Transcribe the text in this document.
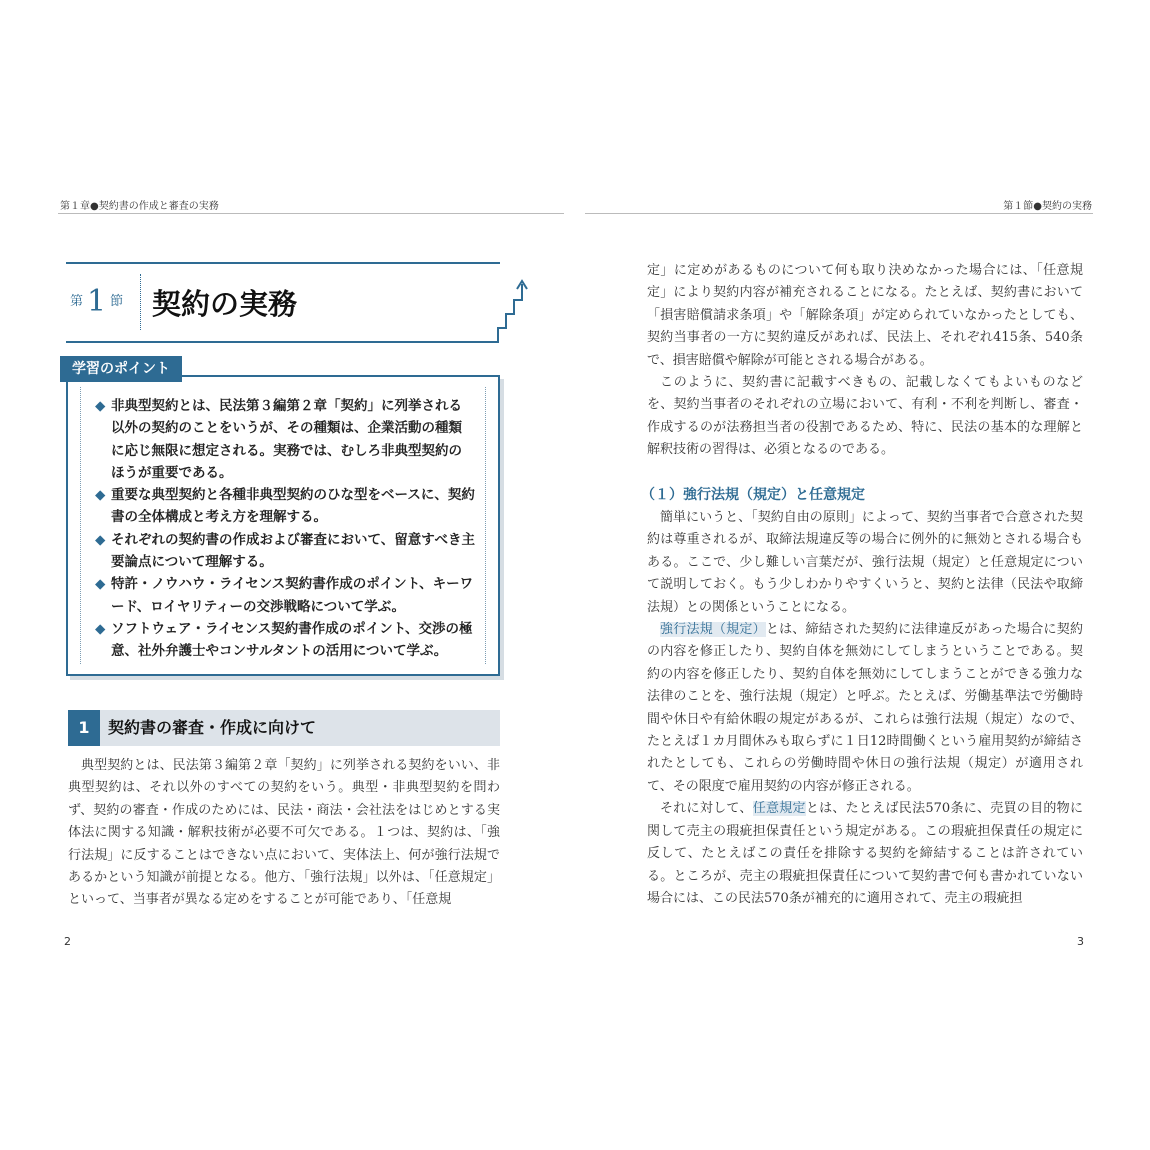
第１章●契約書の作成と審査の実務
$^第$ 1 $^節$ 契約の実務
学習のポイント
◆ 非典型契約とは、民法第３編第２章「契約」に列挙される以外の契約のことをいうが、その種類は、企業活動の種類に応じ無限に想定される。実務では、むしろ非典型契約のほうが重要である。
◆ 重要な典型契約と各種非典型契約のひな型をベースに、契約書の全体構成と考え方を理解する。
◆ それぞれの契約書の作成および審査において、留意すべき主要論点について理解する。
◆ 特許・ノウハウ・ライセンス契約書作成のポイント、キーワード、ロイヤリティーの交渉戦略について学ぶ。
◆ ソフトウェア・ライセンス契約書作成のポイント、交渉の極意、社外弁護士やコンサルタントの活用について学ぶ。
1	契約書の審査・作成に向けて

典型契約とは、民法第３編第２章「契約」に列挙される契約をいい、非典型契約は、それ以外のすべての契約をいう。典型・非典型契約を問わず、契約の審査・作成のためには、民法・商法・会社法をはじめとする実体法に関する知識・解釈技術が必要不可欠である。１つは、契約は、「強行法規」に反することはできない点において、実体法上、何が強行法規であるかという知識が前提となる。他方、「強行法規」以外は、「任意規定」といって、当事者が異なる定めをすることが可能であり、「任意規

2
第１節●契約の実務

定」に定めがあるものについて何も取り決めなかった場合には、「任意規定」により契約内容が補充されることになる。たとえば、契約書において「損害賠償請求条項」や「解除条項」が定められていなかったとしても、契約当事者の一方に契約違反があれば、民法上、それぞれ415条、540条で、損害賠償や解除が可能とされる場合がある。

このように、契約書に記載すべきもの、記載しなくてもよいものなどを、契約当事者のそれぞれの立場において、有利・不利を判断し、審査・作成するのが法務担当者の役割であるため、特に、民法の基本的な理解と解釈技術の習得は、必須となるのである。

（１）強行法規（規定）と任意規定

簡単にいうと、「契約自由の原則」によって、契約当事者で合意された契約は尊重されるが、取締法規違反等の場合に例外的に無効とされる場合もある。ここで、少し難しい言葉だが、強行法規（規定）と任意規定について説明しておく。もう少しわかりやすくいうと、契約と法律（民法や取締法規）との関係ということになる。

強行法規（規定）とは、締結された契約に法律違反があった場合に契約の内容を修正したり、契約自体を無効にしてしまうということである。契約の内容を修正したり、契約自体を無効にしてしまうことができる強力な法律のことを、強行法規（規定）と呼ぶ。たとえば、労働基準法で労働時間や休日や有給休暇の規定があるが、これらは強行法規（規定）なので、たとえば１カ月間休みも取らずに１日12時間働くという雇用契約が締結されたとしても、これらの労働時間や休日の強行法規（規定）が適用されて、その限度で雇用契約の内容が修正される。

それに対して、任意規定とは、たとえば民法570条に、売買の目的物に関して売主の瑕疵担保責任という規定がある。この瑕疵担保責任の規定に反して、たとえばこの責任を排除する契約を締結することは許されている。ところが、売主の瑕疵担保責任について契約書で何も書かれていない場合には、この民法570条が補充的に適用されて、売主の瑕疵担

3
